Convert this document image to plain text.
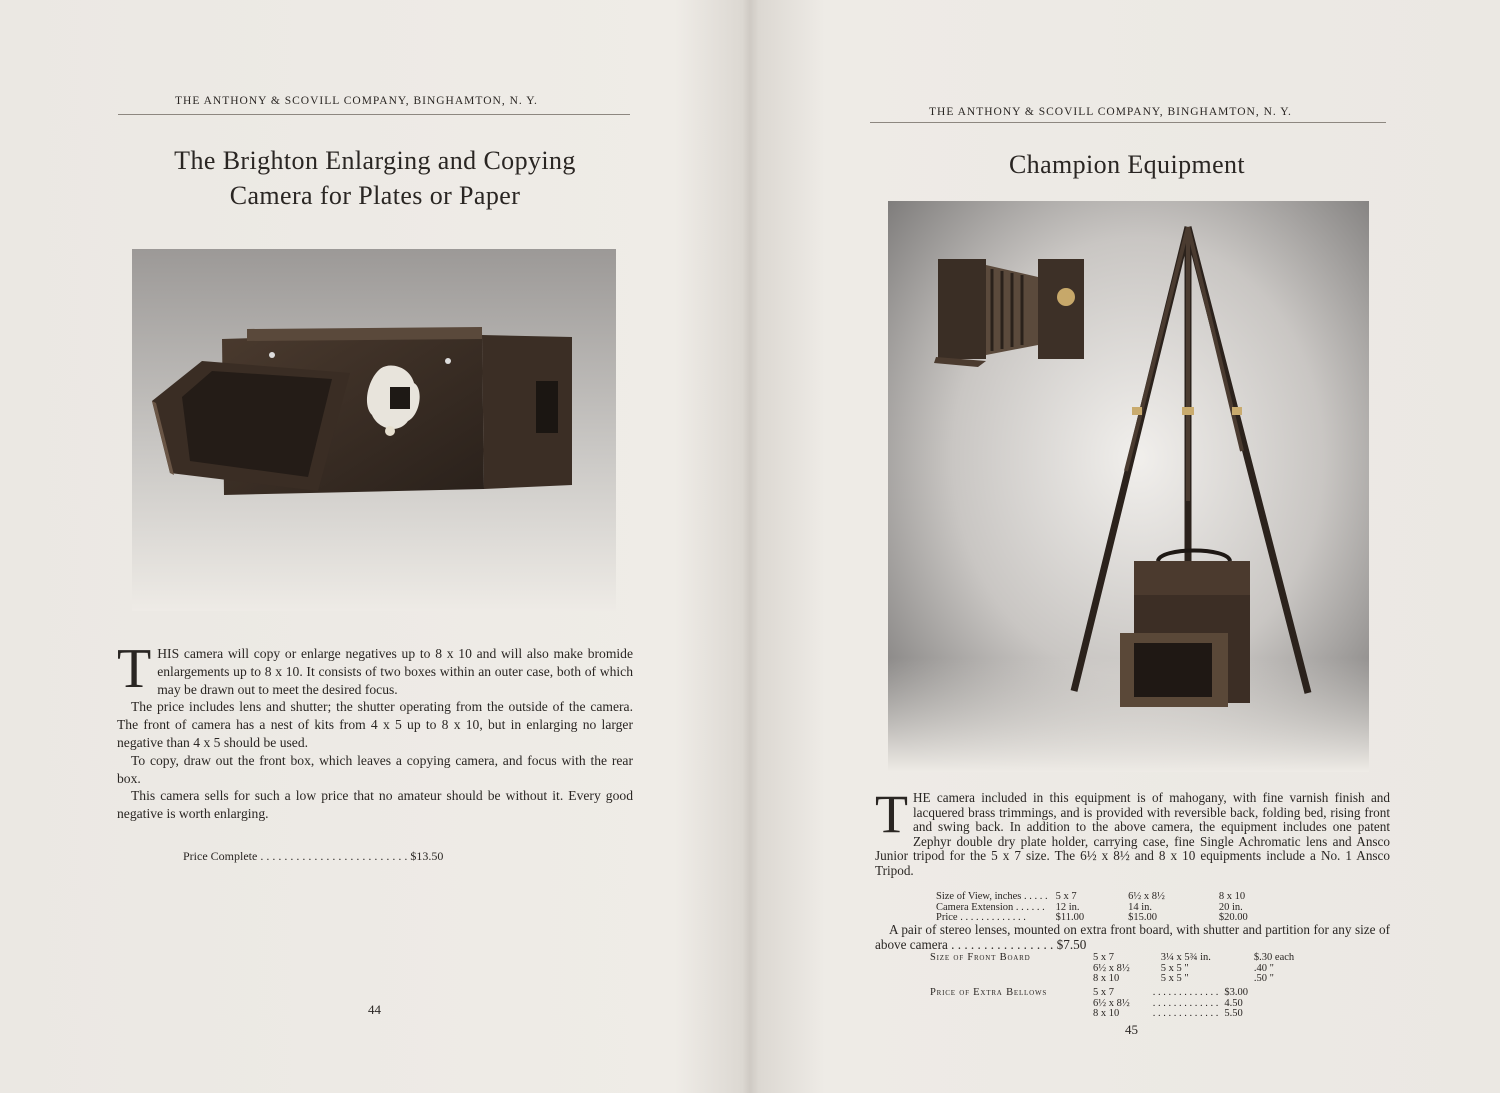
THE ANTHONY & SCOVILL COMPANY, BINGHAMTON, N. Y.
The Brighton Enlarging and Copying
Camera for Plates or Paper

THIS camera will copy or enlarge negatives up to 8 x 10 and will also make bromide enlargements up to 8 x 10. It consists of two boxes within an outer case, both of which may be drawn out to meet the desired focus.

The price includes lens and shutter; the shutter operating from the outside of the camera. The front of camera has a nest of kits from 4 x 5 up to 8 x 10, but in enlarging no larger negative than 4 x 5 should be used.

To copy, draw out the front box, which leaves a copying camera, and focus with the rear box.

This camera sells for such a low price that no amateur should be without it. Every good negative is worth enlarging.

Price Complete . . . . . . . . . . . . . . . . . . . . . . . . . $13.50
44
THE ANTHONY & SCOVILL COMPANY, BINGHAMTON, N. Y.
Champion Equipment

THE camera included in this equipment is of mahogany, with fine varnish finish and lacquered brass trimmings, and is provided with reversible back, folding bed, rising front and swing back. In addition to the above camera, the equipment includes one patent Zephyr double dry plate holder, carrying case, fine Single Achromatic lens and Ansco Junior tripod for the 5 x 7 size. The 6½ x 8½ and 8 x 10 equipments include a No. 1 Ansco Tripod.

Size of View, inches . . . . .	5 x 7	6½ x 8½	8 x 10
Camera Extension . . . . . .	12 in.	14 in.	20 in.
Price . . . . . . . . . . . . .	$11.00	$15.00	$20.00
A pair of stereo lenses, mounted on extra front board, with shutter and partition for any size of above camera . . . . . . . . . . . . . . . . $7.50
Size of Front Board	5 x 7	3¼ x 5¾ in.	$.30 each
	6½ x 8½	5 x 5 "	.40 "
	8 x 10	5 x 5 "	.50 "
Price of Extra Bellows	5 x 7	. . . . . . . . . . . . .	$3.00
	6½ x 8½	. . . . . . . . . . . . .	4.50
	8 x 10	. . . . . . . . . . . . .	5.50
45
